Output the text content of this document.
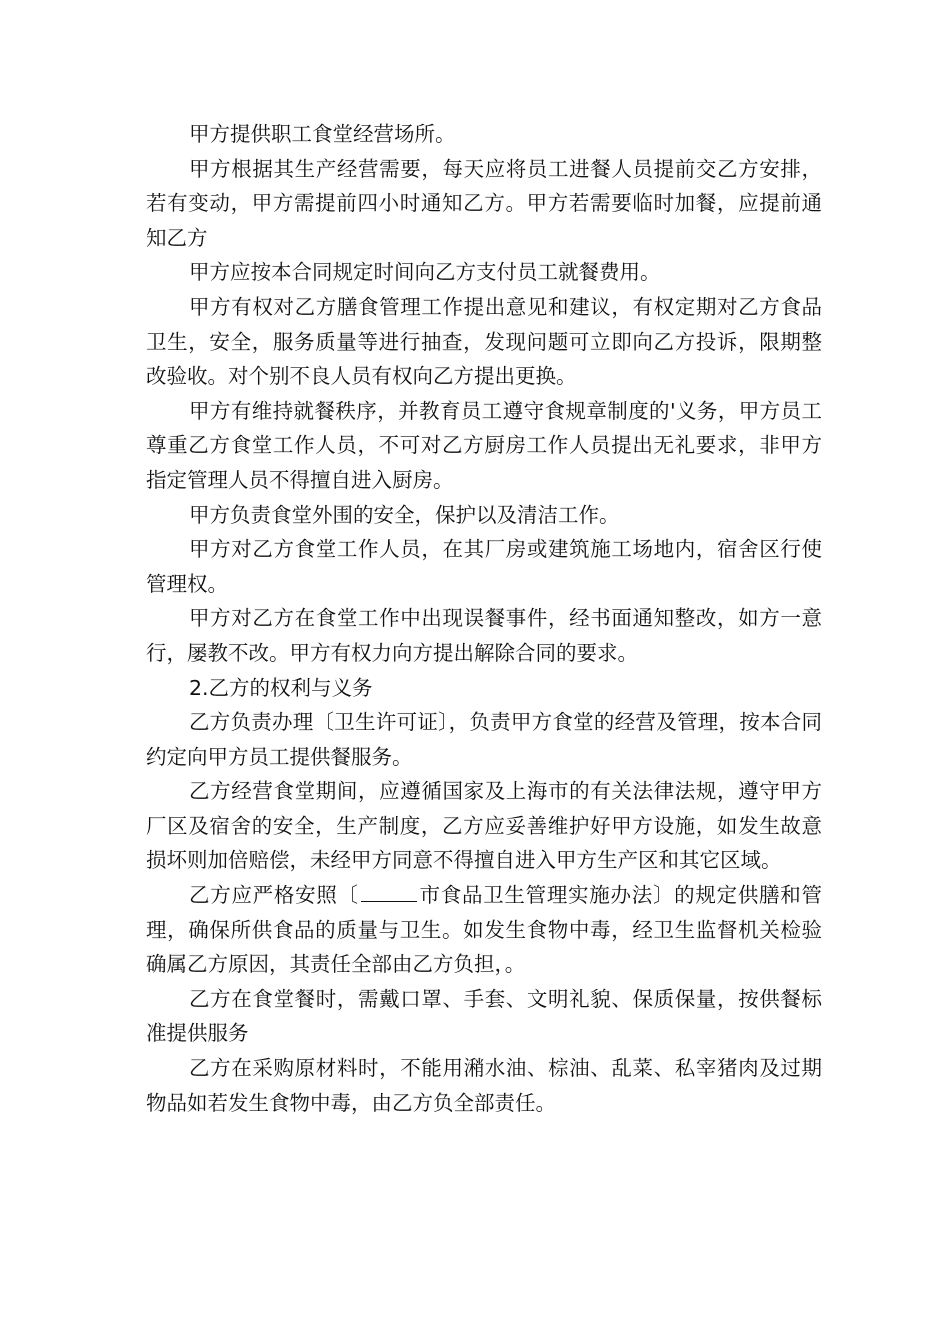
甲方提供职工食堂经营场所。

甲方根据其生产经营需要，每天应将员工进餐人员提前交乙方安排，若有变动，甲方需提前四小时通知乙方。甲方若需要临时加餐，应提前通知乙方

甲方应按本合同规定时间向乙方支付员工就餐费用。

甲方有权对乙方膳食管理工作提出意见和建议，有权定期对乙方食品卫生，安全，服务质量等进行抽查，发现问题可立即向乙方投诉，限期整改验收。对个别不良人员有权向乙方提出更换。

甲方有维持就餐秩序，并教育员工遵守食规章制度的'义务，甲方员工尊重乙方食堂工作人员，不可对乙方厨房工作人员提出无礼要求，非甲方指定管理人员不得擅自进入厨房。

甲方负责食堂外围的安全，保护以及清洁工作。

甲方对乙方食堂工作人员，在其厂房或建筑施工场地内，宿舍区行使管理权。

甲方对乙方在食堂工作中出现误餐事件，经书面通知整改，如方一意行，屡教不改。甲方有权力向方提出解除合同的要求。

2.乙方的权利与义务

乙方负责办理〔卫生许可证〕，负责甲方食堂的经营及管理，按本合同约定向甲方员工提供餐服务。

乙方经营食堂期间，应遵循国家及上海市的有关法律法规，遵守甲方厂区及宿舍的安全，生产制度，乙方应妥善维护好甲方设施，如发生故意损坏则加倍赔偿，未经甲方同意不得擅自进入甲方生产区和其它区域。

乙方应严格安照〔	市食品卫生管理实施办法〕的规定供膳和管理，确保所供食品的质量与卫生。如发生食物中毒，经卫生监督机关检验确属乙方原因，其责任全部由乙方负担，。

乙方在食堂餐时，需戴口罩、手套、文明礼貌、保质保量，按供餐标准提供服务

乙方在采购原材料时，不能用潲水油、棕油、乱菜、私宰猪肉及过期物品如若发生食物中毒，由乙方负全部责任。
